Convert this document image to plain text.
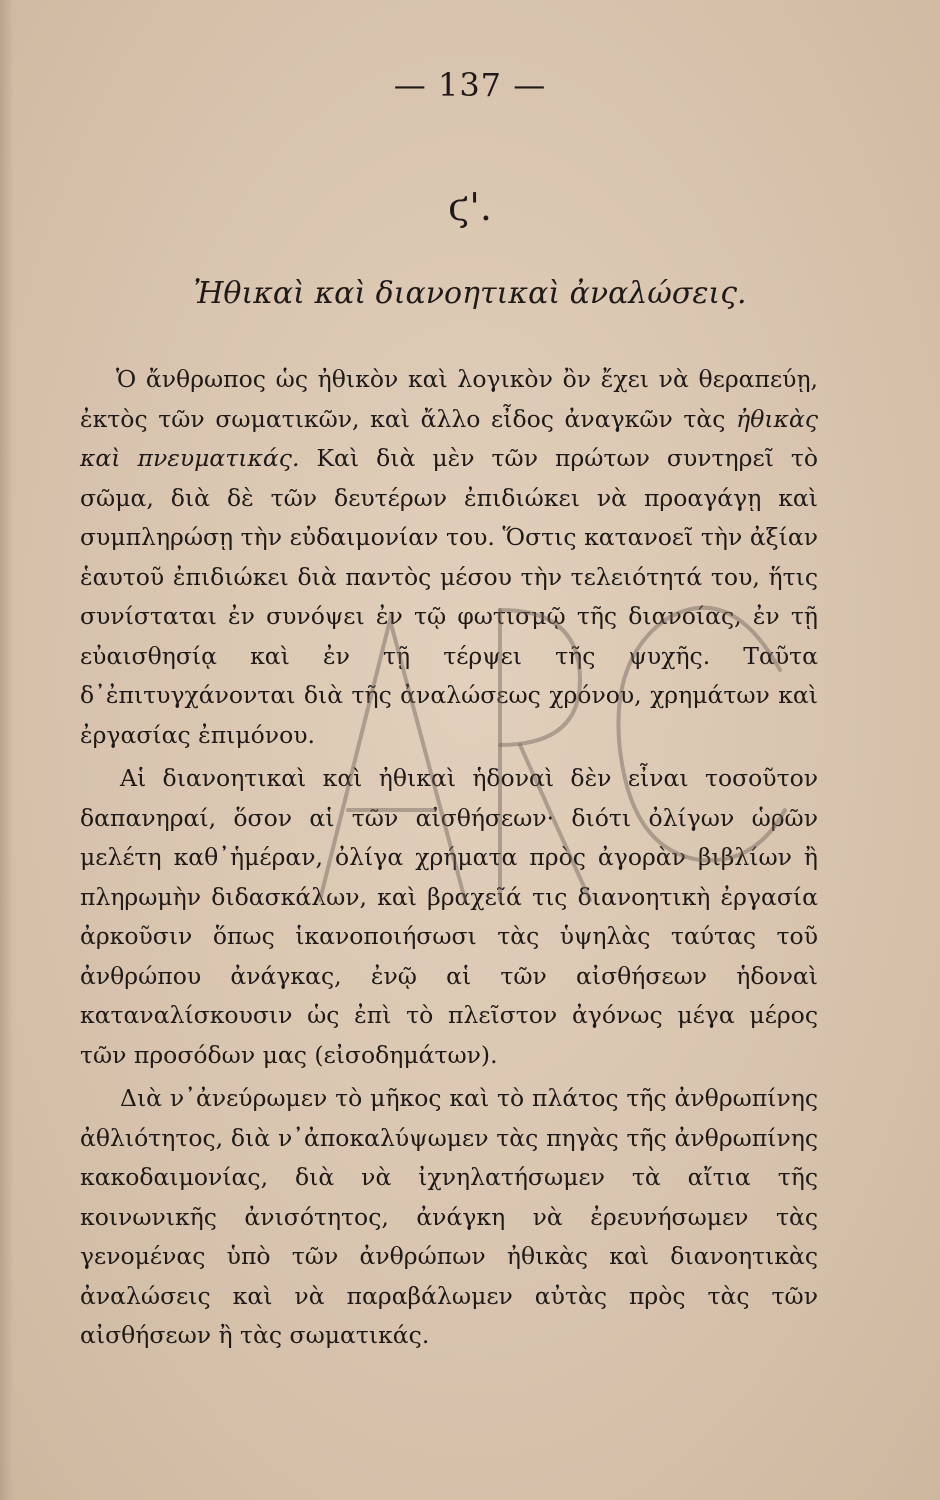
— 137 —
ϛ'.
Ἠθικαὶ καὶ διανοητικαὶ ἀναλώσεις.

Ὁ ἄνθρωπος ὡς ἠθικὸν καὶ λογικὸν ὂν ἔχει νὰ θεραπεύῃ, ἐκτὸς τῶν σωματικῶν, καὶ ἄλλο εἶδος ἀναγκῶν τὰς ἠθικὰς καὶ πνευματικάς. Καὶ διὰ μὲν τῶν πρώτων συντηρεῖ τὸ σῶμα, διὰ δὲ τῶν δευτέρων ἐπιδιώκει νὰ προαγάγῃ καὶ συμπληρώσῃ τὴν εὐδαιμονίαν του. Ὅστις κατανοεῖ τὴν ἀξίαν ἑαυτοῦ ἐπιδιώκει διὰ παντὸς μέσου τὴν τελειότητά του, ἥτις συνίσταται ἐν συνόψει ἐν τῷ φωτισμῷ τῆς διανοίας, ἐν τῇ εὐαισθησίᾳ καὶ ἐν τῇ τέρψει τῆς ψυχῆς. Ταῦτα δ᾽ἐπιτυγχάνονται διὰ τῆς ἀναλώσεως χρόνου, χρημάτων καὶ ἐργασίας ἐπιμόνου.

Αἱ διανοητικαὶ καὶ ἠθικαὶ ἡδοναὶ δὲν εἶναι τοσοῦτον δαπανηραί, ὅσον αἱ τῶν αἰσθήσεων· διότι ὀλίγων ὡρῶν μελέτη καθ᾽ἡμέραν, ὀλίγα χρήματα πρὸς ἀγορὰν βιβλίων ἢ πληρωμὴν διδασκάλων, καὶ βραχεῖά τις διανοητικὴ ἐργασία ἀρκοῦσιν ὅπως ἱκανοποιήσωσι τὰς ὑψηλὰς ταύτας τοῦ ἀνθρώπου ἀνάγκας, ἐνῷ αἱ τῶν αἰσθήσεων ἡδοναὶ καταναλίσκουσιν ὡς ἐπὶ τὸ πλεῖστον ἀγόνως μέγα μέρος τῶν προσόδων μας (εἰσοδημάτων).

Διὰ ν᾽ἀνεύρωμεν τὸ μῆκος καὶ τὸ πλάτος τῆς ἀνθρωπίνης ἀθλιότητος, διὰ ν᾽ἀποκαλύψωμεν τὰς πηγὰς τῆς ἀνθρωπίνης κακοδαιμονίας, διὰ νὰ ἰχνηλατήσωμεν τὰ αἴτια τῆς κοινωνικῆς ἀνισότητος, ἀνάγκη νὰ ἐρευνήσωμεν τὰς γενομένας ὑπὸ τῶν ἀνθρώπων ἠθικὰς καὶ διανοητικὰς ἀναλώσεις καὶ νὰ παραβάλωμεν αὐτὰς πρὸς τὰς τῶν αἰσθήσεων ἢ τὰς σωματικάς.
